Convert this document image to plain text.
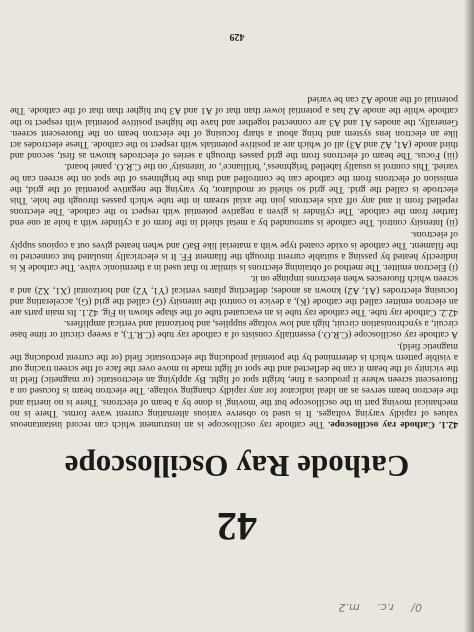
0/ r.c. m.2
42
Cathode Ray Oscilloscope

42.1. Cathode ray oscilloscope. The cathode ray oscilloscope is an instrument which can record instantaneous values of rapidly varying voltages. It is used to observe various alternating current wave forms. There is no mechanical moving part in the oscilloscope but the 'moving' is done by a beam of electrons. There is no inertia and the electron beam serves as an ideal indicator for any rapidly changing voltage. The electron beam is focused on a fluorescent screen where it produces a fine, bright spot of light. By applying an electrostatic (or magnetic) field in the vicinity of the beam it can be deflected and the spot of light made to move over the face of the screen tracing out a visible pattern which is determined by the potential producing the electrostatic field (or the current producing the magnetic field).

A cathode ray oscilloscope (C.R.O.) essentially consists of a cathode ray tube (C.R.T.), a sweep circuit or time base circuit, a synchronisation circuit, high and low voltage supplies, and horizontal and vertical amplifiers.

42.2. Cathode ray tube. The cathode ray tube is an evacuated tube of the shape shown in Fig. 42.1. Its main parts are an electron emitter called the cathode (K), a device to control the intensity (G) called the grid (G), accelerating and focusing electrodes (A1, A2) known as anodes; deflecting plates vertical (Y1, Y2) and horizontal (X1, X2) and a screen which fluoresces when electrons impinge on it.

(i) Electron emitter. The method of obtaining electrons is similar to that used in a thermionic valve. The cathode K is indirectly heated by passing a suitable current through the filament FF. It is electrically insulated but connected to the filament. The cathode is oxide coated type with a material like BaO and when heated gives out a copious supply of electrons.

(ii) Intensity control. The cathode is surrounded by a metal shield in the form of a cylinder with a hole at one end farther from the cathode. The cylinder is given a negative potential with respect to the cathode. The electrons repelled from it and any off axis electrons join the axial stream in the tube which passes through the hole. This electrode is called the grid. The grid so shield or modulator, by varying the negative potential of the grid, the emission of electrons from the cathode can be controlled and thus the brightness of the spot on the screen can be varied. This control is usually labelled 'brightness', 'brilliance', or 'intensity' on the C.R.O. panel board.

(iii) Focus. The beam of electrons from the grid passes through a series of electrodes known as first, second and third anode (A1, A2 and A3) all of which are at positive potentials with respect to the cathode. These electrodes act like an electron lens system and bring about a sharp focusing of the electron beam on the fluorescent screen. Generally, the anodes A1 and A3 are connected together and have the highest positive potential with respect to the cathode while the anode A2 has a potential lower than that of A1 and A3 but higher than that of the cathode. The potential of the anode A2 can be varied

429
